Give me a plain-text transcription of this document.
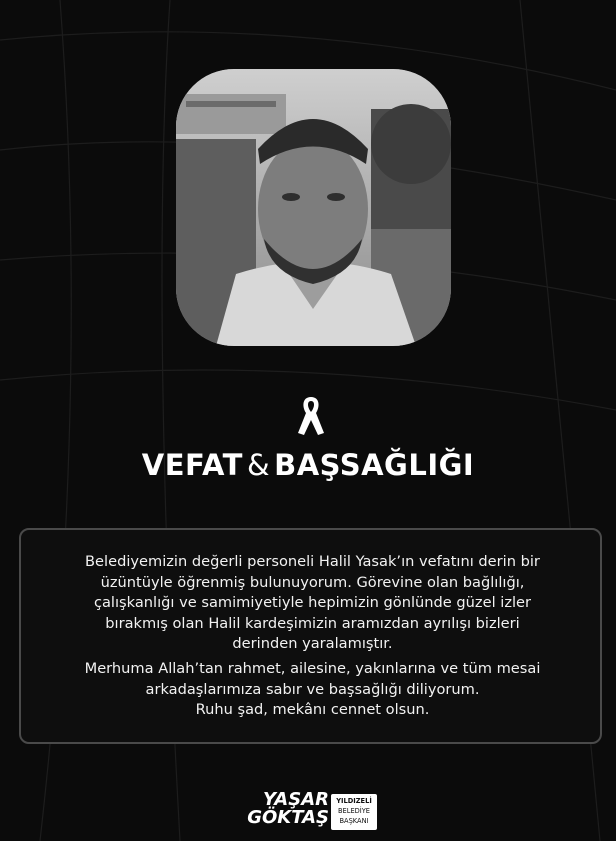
VEFAT & BAŞSAĞLIĞI
Belediyemizin değerli personeli Halil Yasak’ın vefatını derin bir
üzüntüyle öğrenmiş bulunuyorum. Görevine olan bağlılığı,
çalışkanlığı ve samimiyetiyle hepimizin gönlünde güzel izler
bırakmış olan Halil kardeşimizin aramızdan ayrılışı bizleri
derinden yaralamıştır.
Merhuma Allah’tan rahmet, ailesine, yakınlarına ve tüm mesai
arkadaşlarımıza sabır ve başsağlığı diliyorum.
Ruhu şad, mekânı cennet olsun.
YAŞAR
GÖKTAŞ
YILDIZELİ
BELEDİYE
BAŞKANI
